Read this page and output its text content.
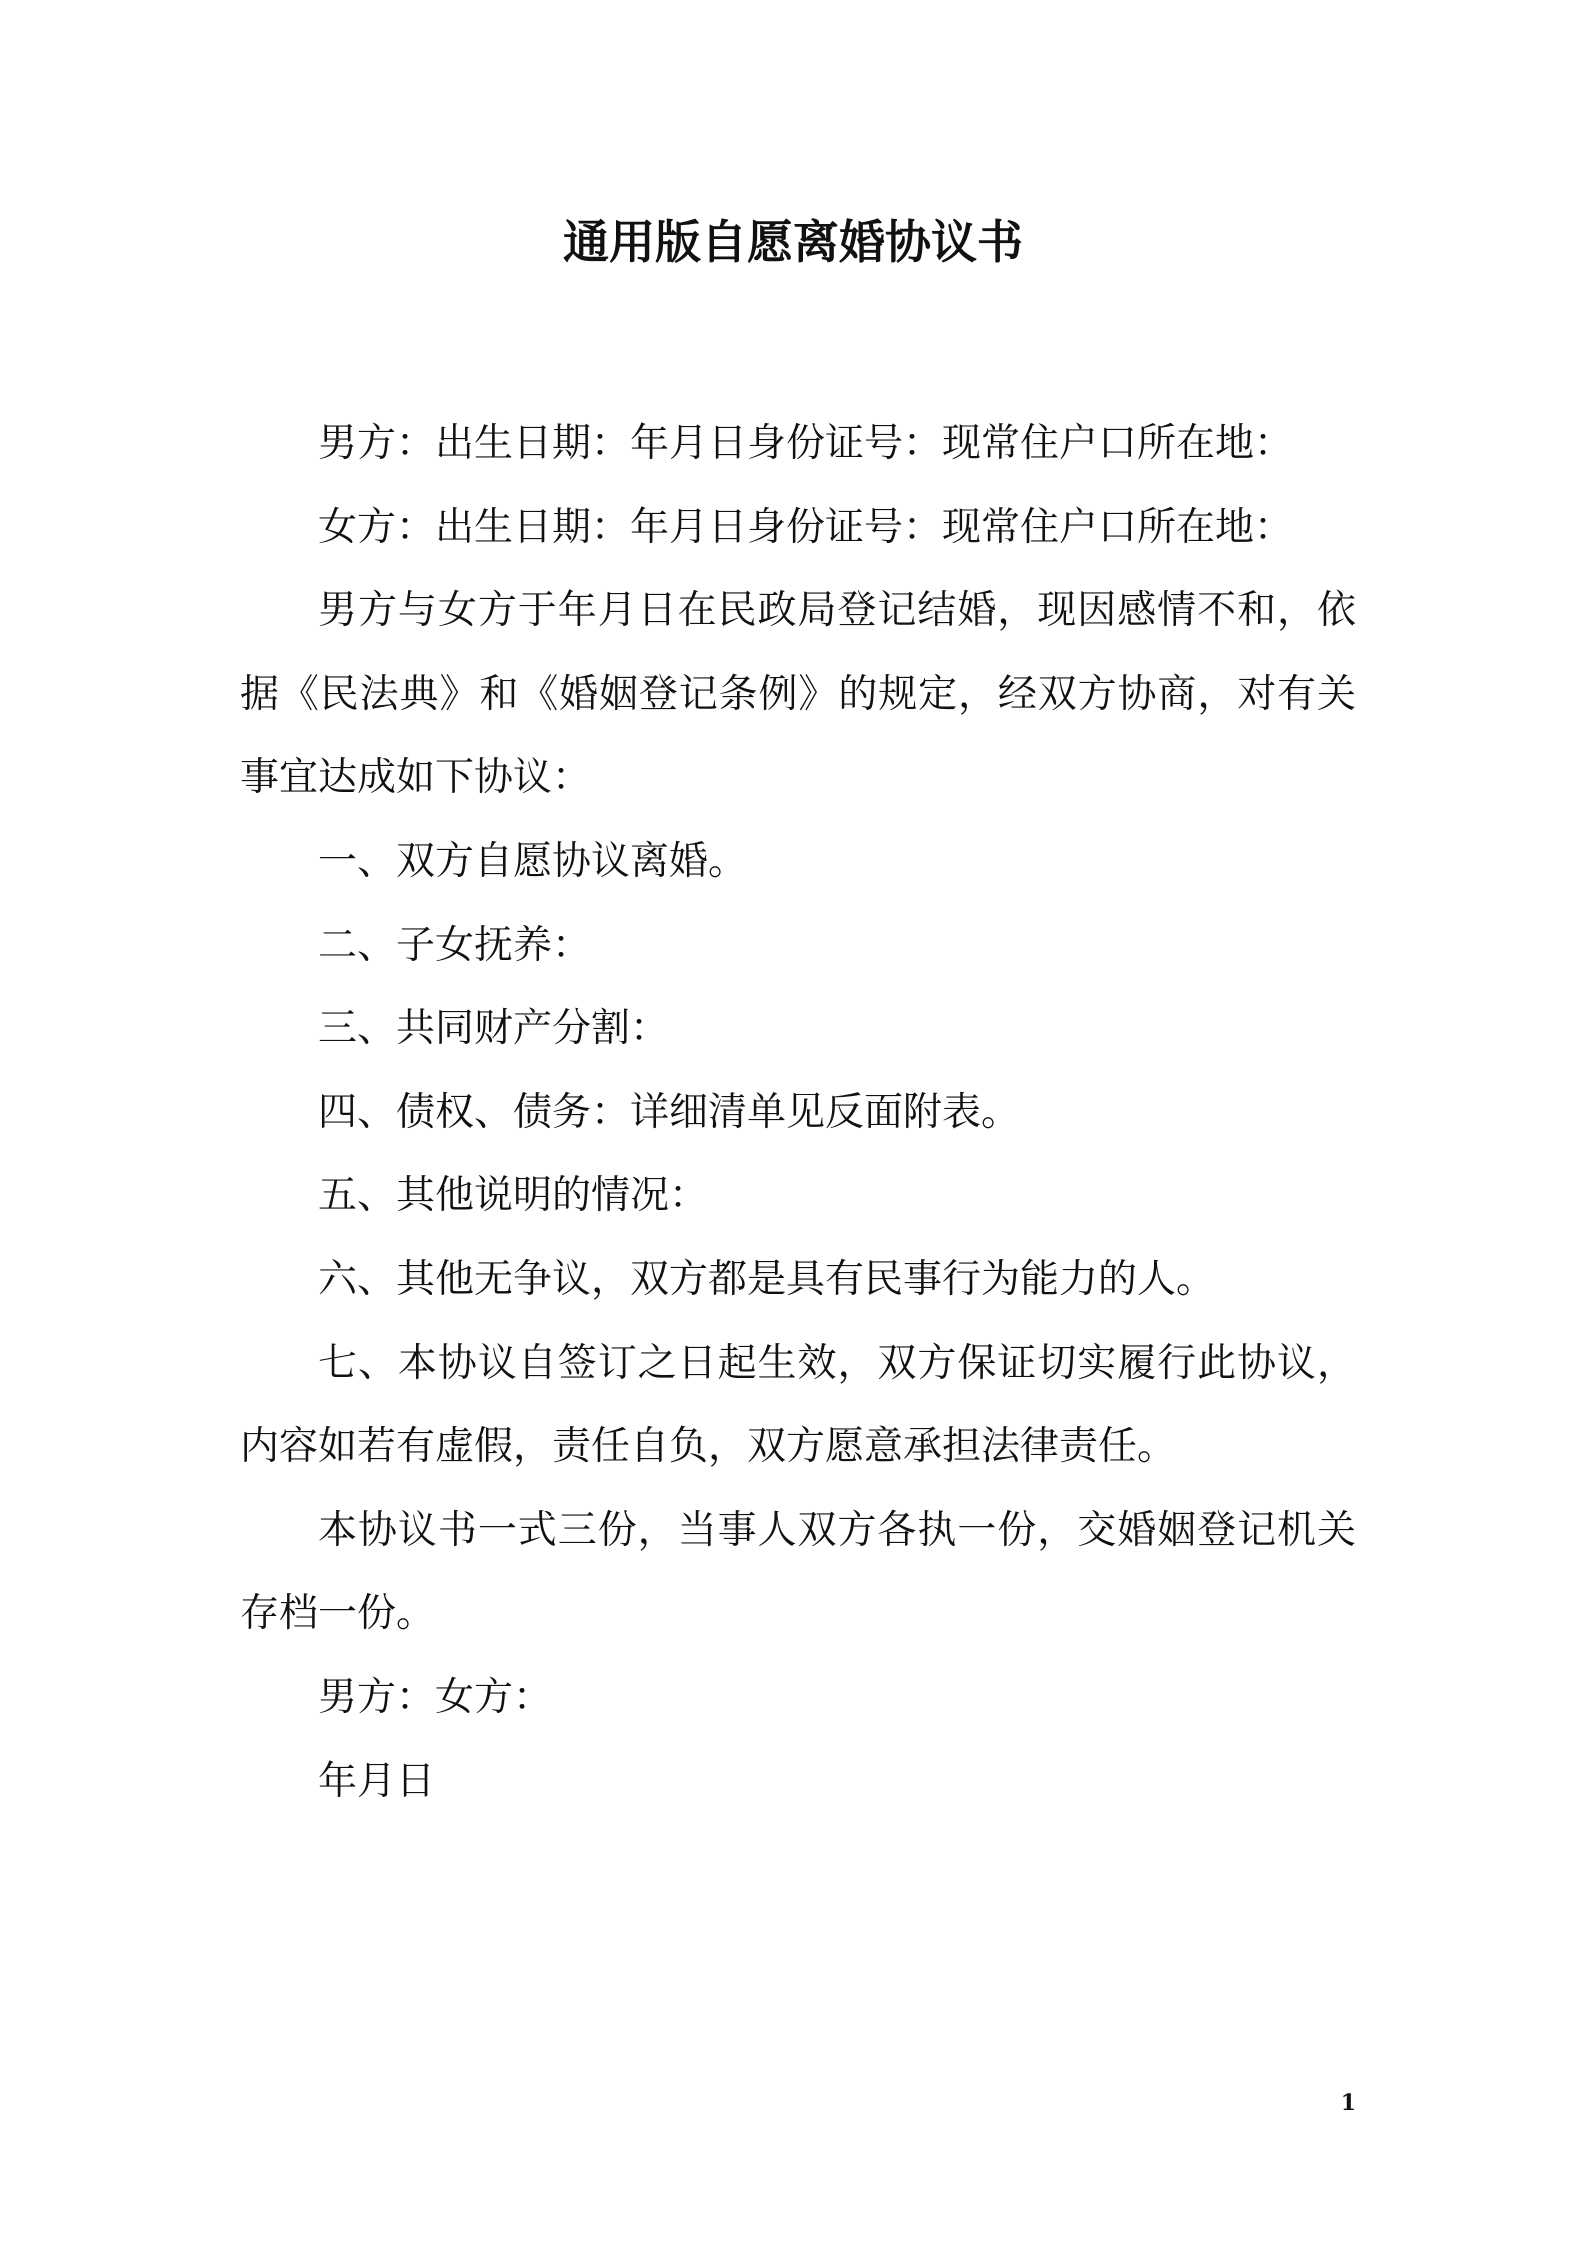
通用版自愿离婚协议书

男方：出生日期：年月日身份证号：现常住户口所在地：

女方：出生日期：年月日身份证号：现常住户口所在地：

男方与女方于年月日在民政局登记结婚，现因感情不和，依据《民法典》和《婚姻登记条例》的规定，经双方协商，对有关事宜达成如下协议：

一、双方自愿协议离婚。

二、子女抚养：

三、共同财产分割：

四、债权、债务：详细清单见反面附表。

五、其他说明的情况：

六、其他无争议，双方都是具有民事行为能力的人。

七、本协议自签订之日起生效，双方保证切实履行此协议，内容如若有虚假，责任自负，双方愿意承担法律责任。

本协议书一式三份，当事人双方各执一份，交婚姻登记机关存档一份。

男方：女方：

年月日

1
